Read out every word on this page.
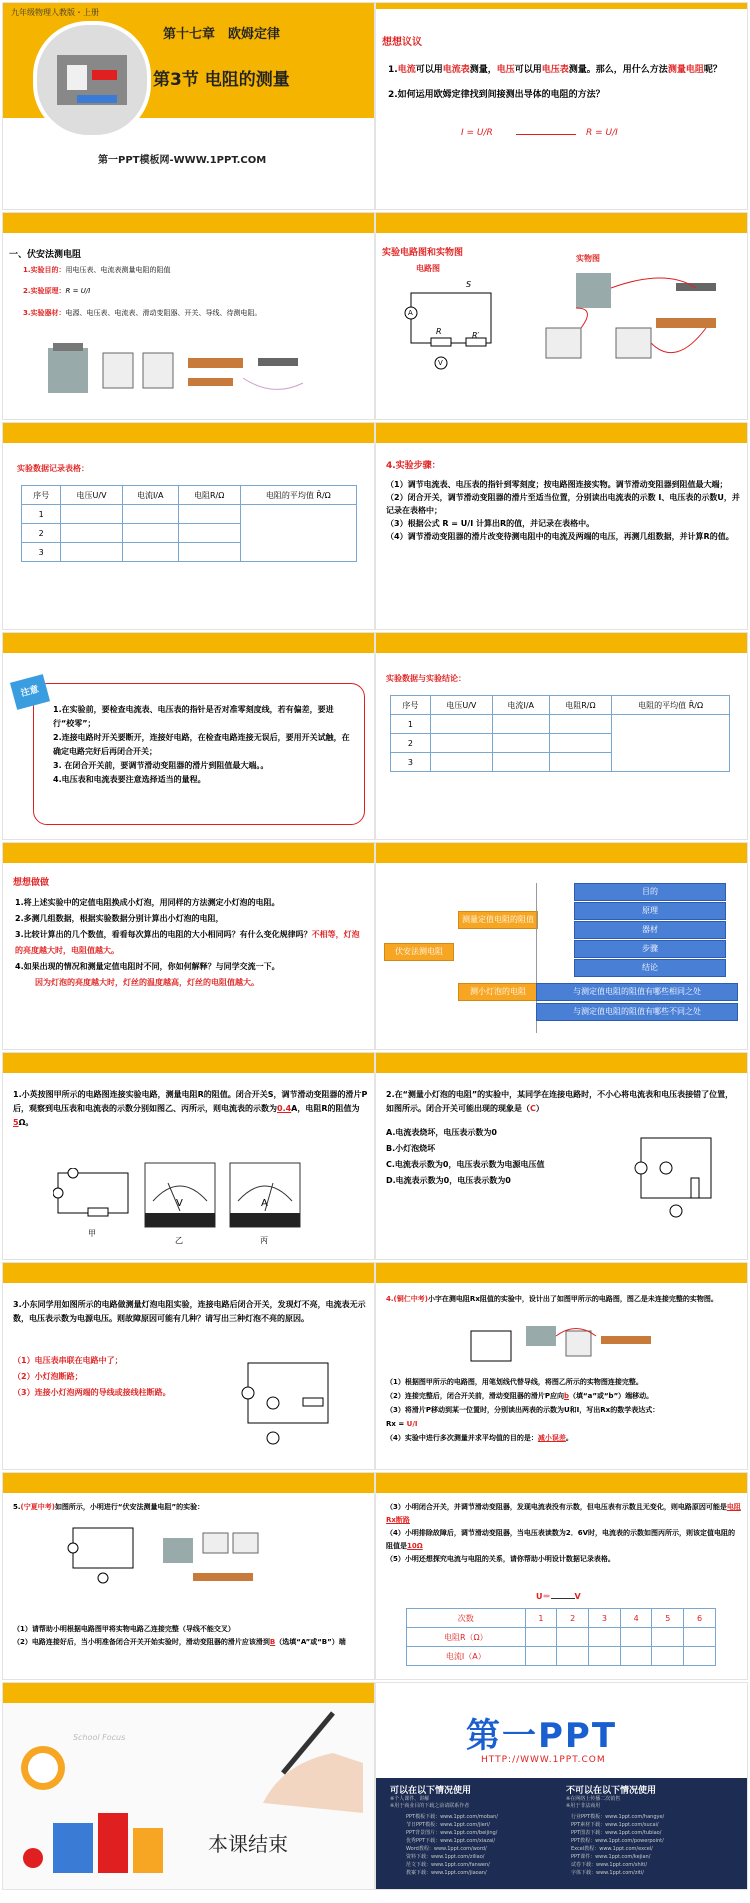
九年级物理人教版・上册
第十七章　欧姆定律
第3节 电阻的测量
第一PPT模板网-WWW.1PPT.COM
想想议议
1.电流可以用电流表测量，电压可以用电压表测量。那么，用什么方法测量电阻呢？
2.如何运用欧姆定律找到间接测出导体的电阻的方法？
I = U/R	R = U/I
一、伏安法测电阻
1.实验目的：用电压表、电流表测量电阻的阻值
2.实验原理：R = U/I
3.实验器材：电源、电压表、电流表、滑动变阻器、开关、导线、待测电阻。
实验电路图和实物图
电路图
实物图
S
A
R
V
R′
实验数据记录表格：
序号	电压U/V	电流I/A	电阻R/Ω	电阻的平均值 R̄/Ω
1				
2				
3				
4.实验步骤：
（1）调节电流表、电压表的指针到零刻度；按电路图连接实物。调节滑动变阻器到阻值最大端；
（2）闭合开关，调节滑动变阻器的滑片至适当位置，分别读出电流表的示数 I、电压表的示数U，并记录在表格中；
（3）根据公式 R = U/I 计算出R的值，并记录在表格中。
（4）调节滑动变阻器的滑片改变待测电阻中的电流及两端的电压，再测几组数据，并计算R的值。
注意
1.在实验前，要检查电流表、电压表的指针是否对准零刻度线，若有偏差，要进行“校零”；
2.连接电路时开关要断开，连接好电路，在检查电路连接无误后，要用开关试触，在确定电路完好后再闭合开关；
3. 在闭合开关前，要调节滑动变阻器的滑片到阻值最大端。。
4.电压表和电流表要注意选择适当的量程。
实验数据与实验结论：
序号	电压U/V	电流I/A	电阻R/Ω	电阻的平均值 R̄/Ω
1				
2				
3				
想想做做
1.将上述实验中的定值电阻换成小灯泡，用同样的方法测定小灯泡的电阻。
2.多测几组数据，根据实验数据分别计算出小灯泡的电阻，
3.比较计算出的几个数值，看看每次算出的电阻的大小相同吗？有什么变化规律吗？不相等，灯泡的亮度越大时，电阻值越大。
4.如果出现的情况和测量定值电阻时不同，你如何解释？与同学交流一下。
因为灯泡的亮度越大时，灯丝的温度越高，灯丝的电阻值越大。
伏安法测电阻
测量定值电阻的阻值
测小灯泡的电阻
目的
原理
器材
步骤
结论
与测定值电阻的阻值有哪些相同之处
与测定值电阻的阻值有哪些不同之处
1.小英按图甲所示的电路图连接实验电路，测量电阻R的阻值。闭合开关S，调节滑动变阻器的滑片P后，观察到电压表和电流表的示数分别如图乙、丙所示，则电流表的示数为0.4A，电阻R的阻值为5Ω。
甲
V
乙
A
丙
2.在“测量小灯泡的电阻”的实验中，某同学在连接电路时，不小心将电流表和电压表接错了位置，如图所示。闭合开关可能出现的现象是（C）
A.电流表烧坏，电压表示数为0
B.小灯泡烧坏
C.电流表示数为0，电压表示数为电源电压值
D.电流表示数为0，电压表示数为0
3.小东同学用如图所示的电路做测量灯泡电阻实验，连接电路后闭合开关，发现灯不亮，电流表无示数，电压表示数为电源电压。则故障原因可能有几种？请写出三种灯泡不亮的原因。
（1）电压表串联在电路中了；
（2）小灯泡断路；
（3）连接小灯泡两端的导线或接线柱断路。
4.(铜仁中考)小宇在测电阻Rx阻值的实验中，设计出了如图甲所示的电路图，图乙是未连接完整的实物图。
（1）根据图甲所示的电路图，用笔划线代替导线，将图乙所示的实物图连接完整。
（2）连接完整后，闭合开关前，滑动变阻器的滑片P应向b（填“a”或“b”）端移动。
（3）将滑片P移动到某一位置时，分别读出两表的示数为U和I，写出Rx的数学表达式：
Rx = U/I
（4）实验中进行多次测量并求平均值的目的是：减小误差。
5.(宁夏中考)如图所示，小明进行“伏安法测量电阻”的实验：
（1）请帮助小明根据电路图甲将实物电路乙连接完整（导线不能交叉）
（2）电路连接好后，当小明准备闭合开关开始实验时，滑动变阻器的滑片应该滑到B（选填“A”或“B”）端
（3）小明闭合开关，并调节滑动变阻器，发现电流表没有示数，但电压表有示数且无变化，则电路原因可能是电阻Rx断路
（4）小明排除故障后，调节滑动变阻器，当电压表读数为2．6V时，电流表的示数如图丙所示，则该定值电阻的阻值是10Ω
（5）小明还想探究电流与电阻的关系，请你帮助小明设计数据记录表格。
U＝	V
次数	1	2	3	4	5	6
电阻R（Ω）						
电流I（A）						
School Focus
本课结束
第一PPT
HTTP://WWW.1PPT.COM
可以在以下情况使用
※个人课件、讲解
※用于商业目的下载之前请联系作者
不可以在以下情况使用
※在网络上传播二次销售
※用于非法商用
PPT模板下载：www.1ppt.com/moban/
节日PPT模板：www.1ppt.com/jieri/
PPT背景图片：www.1ppt.com/beijing/
优秀PPT下载：www.1ppt.com/xiazai/
Word教程：www.1ppt.com/word/
资料下载：www.1ppt.com/ziliao/
范文下载：www.1ppt.com/fanwen/
教案下载：www.1ppt.com/jiaoan/
行业PPT模板：www.1ppt.com/hangye/
PPT素材下载：www.1ppt.com/sucai/
PPT图表下载：www.1ppt.com/tubiao/
PPT教程：www.1ppt.com/powerpoint/
Excel教程：www.1ppt.com/excel/
PPT课件：www.1ppt.com/kejian/
试卷下载：www.1ppt.com/shiti/
字体下载：www.1ppt.com/ziti/
